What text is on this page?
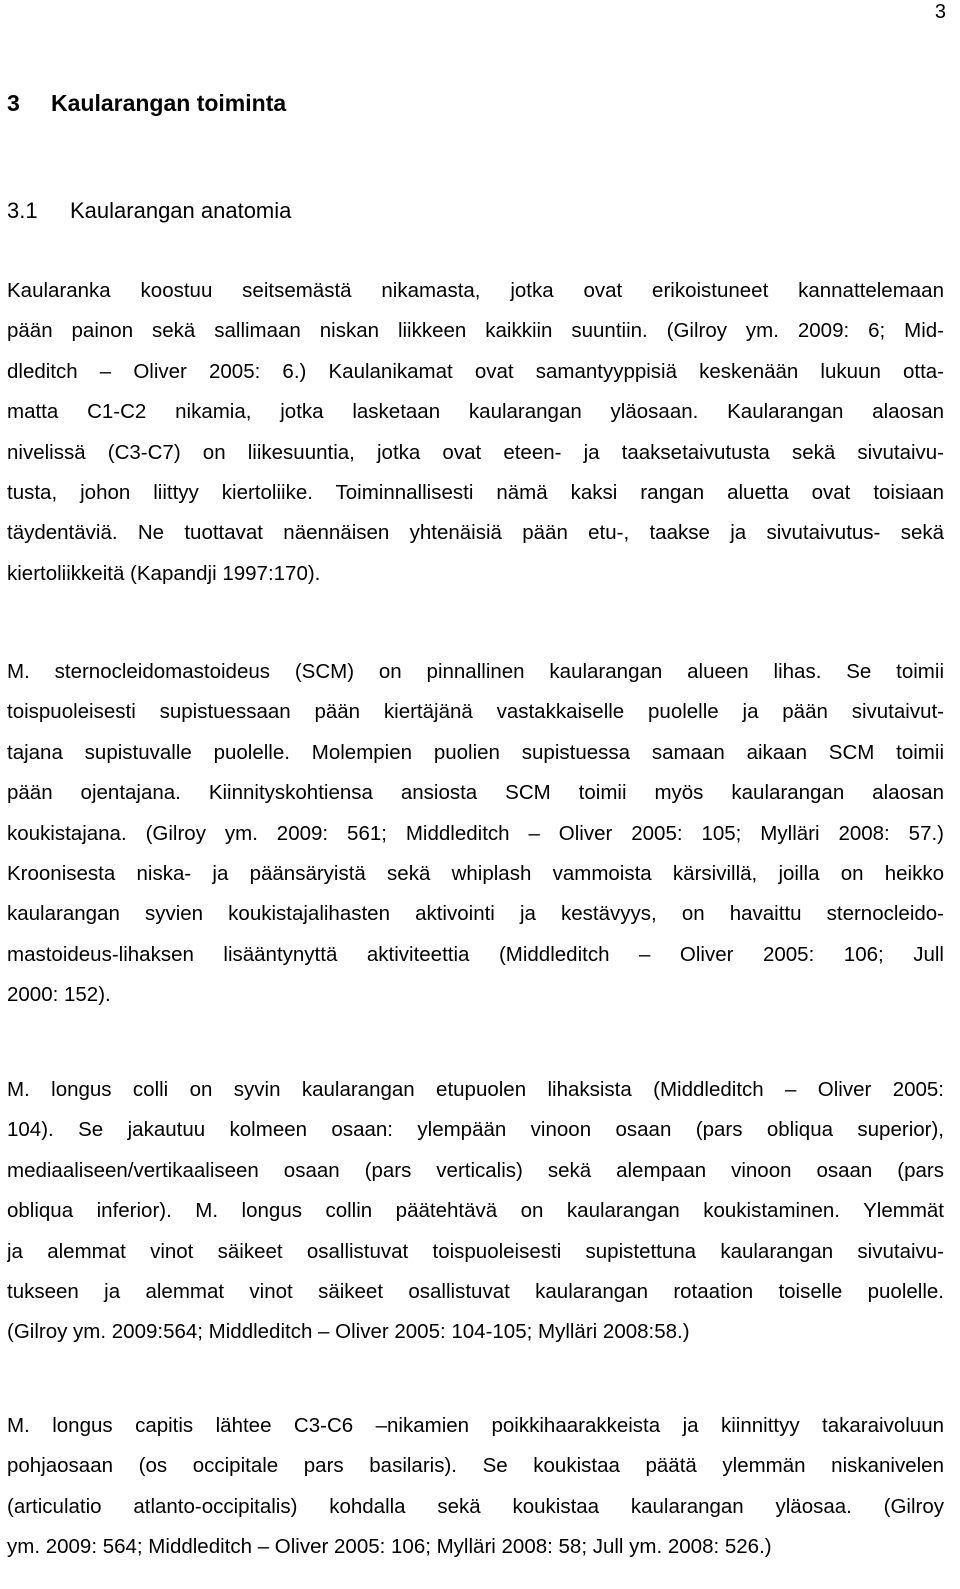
3
3 Kaularangan toiminta
3.1 Kaularangan anatomia
Kaularanka koostuu seitsemästä nikamasta, jotka ovat erikoistuneet kannattelemaan
pään painon sekä sallimaan niskan liikkeen kaikkiin suuntiin. (Gilroy ym. 2009: 6; Mid-
dleditch – Oliver 2005: 6.) Kaulanikamat ovat samantyyppisiä keskenään lukuun otta-
matta C1-C2 nikamia, jotka lasketaan kaularangan yläosaan. Kaularangan alaosan
nivelissä (C3-C7) on liikesuuntia, jotka ovat eteen- ja taaksetaivutusta sekä sivutaivu-
tusta, johon liittyy kiertoliike. Toiminnallisesti nämä kaksi rangan aluetta ovat toisiaan
täydentäviä. Ne tuottavat näennäisen yhtenäisiä pään etu-, taakse ja sivutaivutus- sekä
kiertoliikkeitä (Kapandji 1997:170).
M. sternocleidomastoideus (SCM) on pinnallinen kaularangan alueen lihas. Se toimii
toispuoleisesti supistuessaan pään kiertäjänä vastakkaiselle puolelle ja pään sivutaivut-
tajana supistuvalle puolelle. Molempien puolien supistuessa samaan aikaan SCM toimii
pään ojentajana. Kiinnityskohtiensa ansiosta SCM toimii myös kaularangan alaosan
koukistajana. (Gilroy ym. 2009: 561; Middleditch – Oliver 2005: 105; Mylläri 2008: 57.)
Kroonisesta niska- ja päänsäryistä sekä whiplash vammoista kärsivillä, joilla on heikko
kaularangan syvien koukistajalihasten aktivointi ja kestävyys, on havaittu sternocleido-
mastoideus-lihaksen lisääntynyttä aktiviteettia (Middleditch – Oliver 2005: 106; Jull
2000: 152).
M. longus colli on syvin kaularangan etupuolen lihaksista (Middleditch – Oliver 2005:
104). Se jakautuu kolmeen osaan: ylempään vinoon osaan (pars obliqua superior),
mediaaliseen/vertikaaliseen osaan (pars verticalis) sekä alempaan vinoon osaan (pars
obliqua inferior). M. longus collin päätehtävä on kaularangan koukistaminen. Ylemmät
ja alemmat vinot säikeet osallistuvat toispuoleisesti supistettuna kaularangan sivutaivu-
tukseen ja alemmat vinot säikeet osallistuvat kaularangan rotaation toiselle puolelle.
(Gilroy ym. 2009:564; Middleditch – Oliver 2005: 104-105; Mylläri 2008:58.)
M. longus capitis lähtee C3-C6 –nikamien poikkihaarakkeista ja kiinnittyy takaraivoluun
pohjaosaan (os occipitale pars basilaris). Se koukistaa päätä ylemmän niskanivelen
(articulatio atlanto-occipitalis) kohdalla sekä koukistaa kaularangan yläosaa. (Gilroy
ym. 2009: 564; Middleditch – Oliver 2005: 106; Mylläri 2008: 58; Jull ym. 2008: 526.)
